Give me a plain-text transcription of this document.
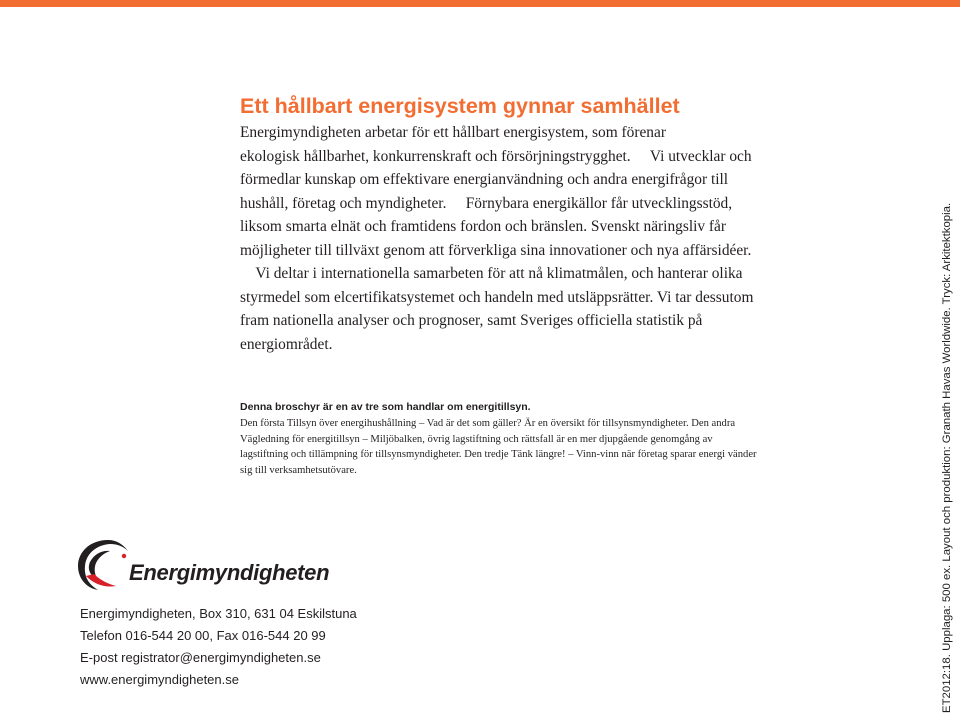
Ett hållbart energisystem gynnar samhället
Energimyndigheten arbetar för ett hållbart energisystem, som förenar
ekologisk hållbarhet, konkurrenskraft och försörjningstrygghet.   Vi utvecklar och förmedlar kunskap om effektivare energianvändning och andra energifrågor till hushåll, företag och myndigheter.   Förnybara energikällor får utvecklingsstöd, liksom smarta elnät och framtidens fordon och bränslen. Svenskt näringsliv får möjligheter till tillväxt genom att förverkliga sina innovationer och nya affärsidéer.  Vi deltar i internationella samarbeten för att nå klimatmålen, och hanterar olika styrmedel som elcertifikatsystemet och handeln med utsläppsrätter. Vi tar dessutom fram nationella analyser och prognoser, samt Sveriges officiella statistik på energiområdet.
Denna broschyr är en av tre som handlar om energitillsyn.
Den första Tillsyn över energihushållning – Vad är det som gäller? Är en översikt för tillsynsmyndigheter. Den andra Vägledning för energitillsyn – Miljöbalken, övrig lagstiftning och rättsfall är en mer djupgående genomgång av lagstiftning och tillämpning för tillsynsmyndigheter. Den tredje Tänk längre! – Vinn-vinn när företag sparar energi vänder sig till verksamhetsutövare.
Energimyndigheten
Energimyndigheten, Box 310, 631 04 Eskilstuna
Telefon 016-544 20 00, Fax 016-544 20 99
E-post registrator@energimyndigheten.se
www.energimyndigheten.se	ET2012:18. Upplaga: 500 ex. Layout och produktion: Granath Havas Worldwide. Tryck: Arkitektkopia.
